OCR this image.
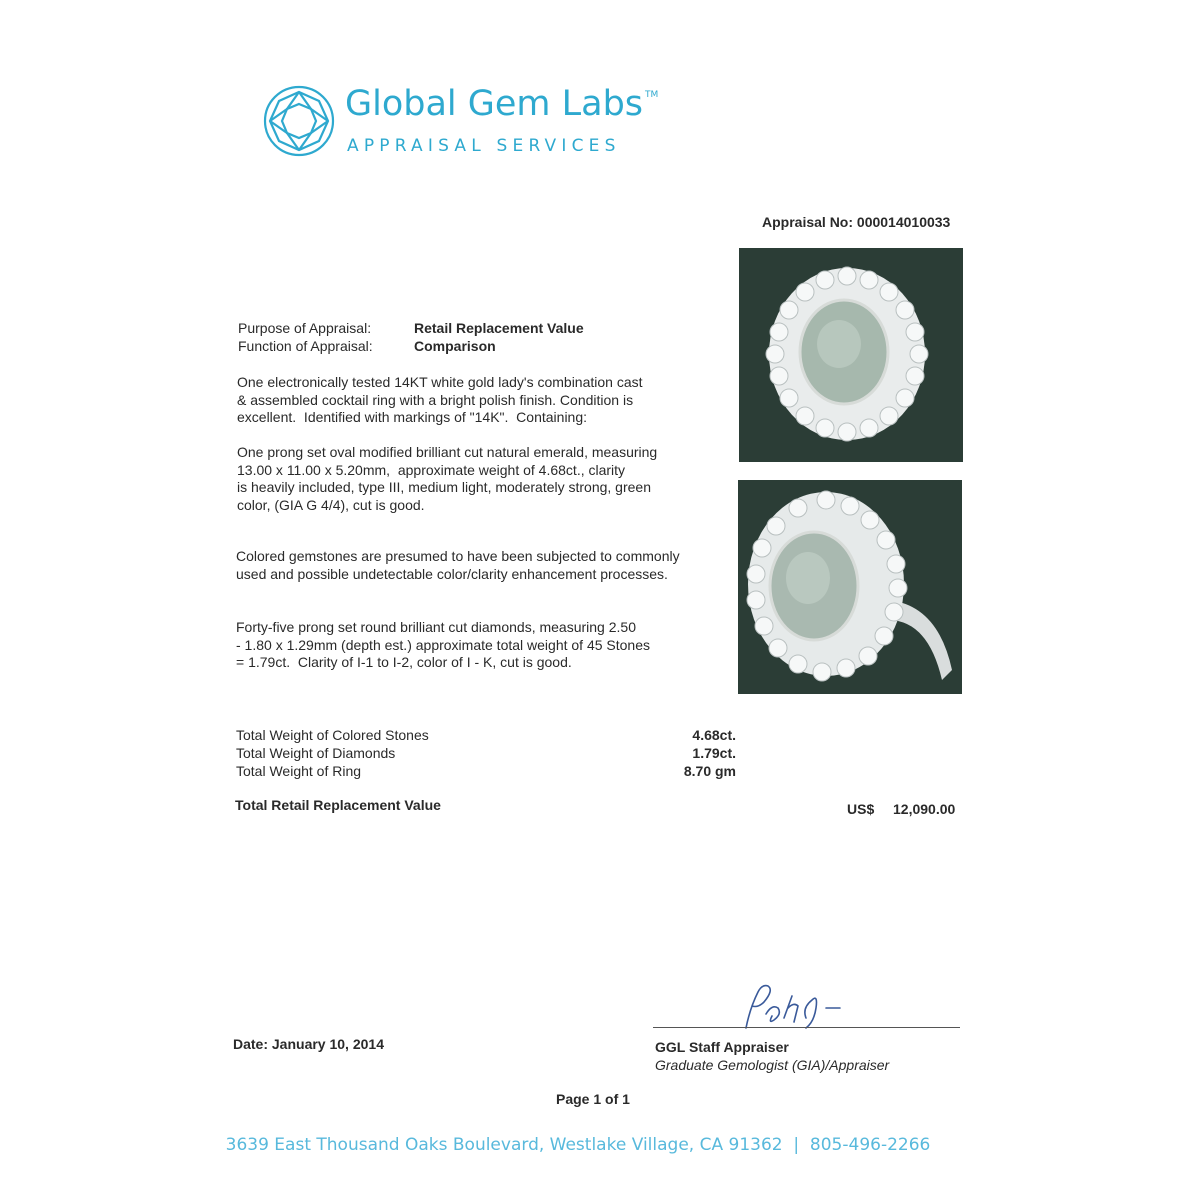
Global Gem Labs ™
APPRAISAL SERVICES
Appraisal No: 000014010033
Purpose of Appraisal:	Retail Replacement Value
Function of Appraisal:	Comparison
One electronically tested 14KT white gold lady's combination cast
& assembled cocktail ring with a bright polish finish. Condition is
excellent.  Identified with markings of "14K".  Containing:
One prong set oval modified brilliant cut natural emerald, measuring
13.00 x 11.00 x 5.20mm,  approximate weight of 4.68ct., clarity
is heavily included, type III, medium light, moderately strong, green
color, (GIA G 4/4), cut is good.
Colored gemstones are presumed to have been subjected to commonly
used and possible undetectable color/clarity enhancement processes.
Forty-five prong set round brilliant cut diamonds, measuring 2.50
- 1.80 x 1.29mm (depth est.) approximate total weight of 45 Stones
= 1.79ct.  Clarity of I-1 to I-2, color of I - K, cut is good.
Total Weight of Colored Stones	4.68ct.
Total Weight of Diamonds	1.79ct.
Total Weight of Ring	8.70 gm
Total Retail Replacement Value	US$ 12,090.00
Date: January 10, 2014	GGL Staff Appraiser
Graduate Gemologist (GIA)/Appraiser
Page 1 of 1
3639 East Thousand Oaks Boulevard, Westlake Village, CA 91362  |  805-496-2266
